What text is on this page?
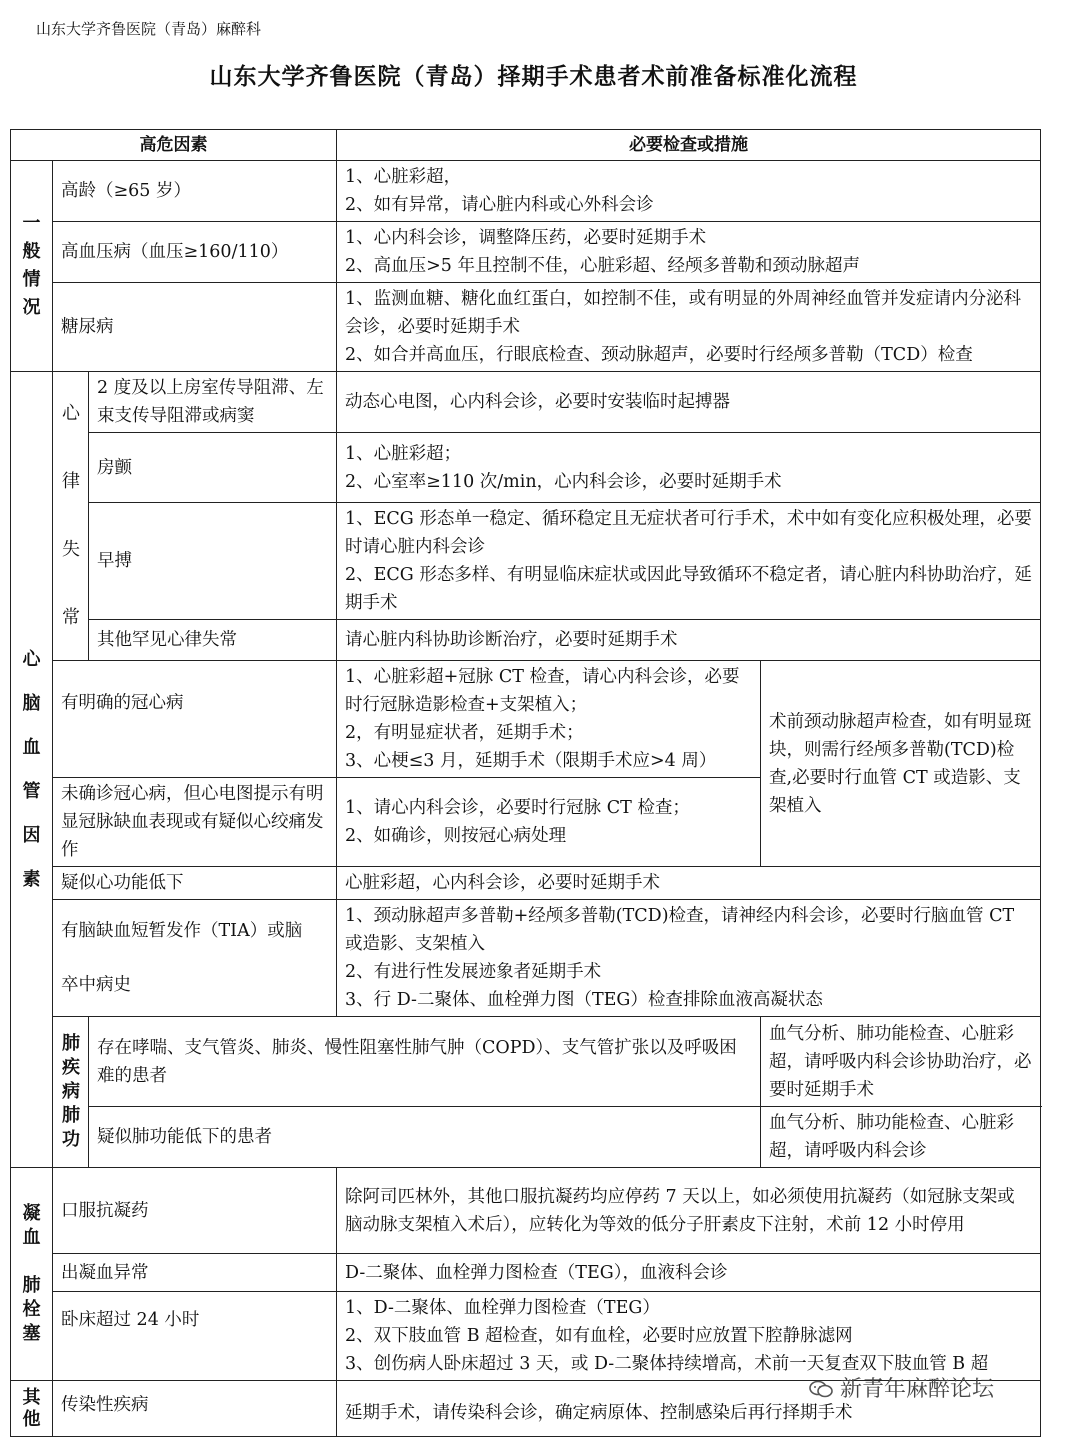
山东大学齐鲁医院（青岛）麻醉科
山东大学齐鲁医院（青岛）择期手术患者术前准备标准化流程
高危因素			必要检查或措施	
一般情况	高龄（≥65 岁）		1、心脏彩超，
2、如有异常，请心脏内科或心外科会诊	

	高血压病（血压≥160/110）		1、心内科会诊，调整降压药，必要时延期手术
2、高血压>5 年且控制不佳，心脏彩超、经颅多普勒和颈动脉超声	

	糖尿病		1、监测血糖、糖化血红蛋白，如控制不佳，或有明显的外周神经血管并发症请内分泌科会诊，必要时延期手术
2、如合并高血压，行眼底检查、颈动脉超声，必要时行经颅多普勒（TCD）检查	

心脑血管因素	心律失常	2 度及以上房室传导阻滞、左束支传导阻滞或病窦	动态心电图，心内科会诊，必要时安装临时起搏器	
		房颤	1、心脏彩超；
2、心室率≥110 次/min，心内科会诊，必要时延期手术	

		早搏	1、ECG 形态单一稳定、循环稳定且无症状者可行手术，术中如有变化应积极处理，必要时请心脏内科会诊
2、ECG 形态多样、有明显临床症状或因此导致循环不稳定者，请心脏内科协助治疗，延期手术	

		其他罕见心律失常	请心脏内科协助诊断治疗，必要时延期手术	
	有明确的冠心病		1、心脏彩超+冠脉 CT 检查，请心内科会诊，必要时行冠脉造影检查+支架植入；
2，有明显症状者，延期手术；
3、心梗≤3 月，延期手术（限期手术应>4 周）	术前颈动脉超声检查，如有明显斑块，则需行经颅多普勒(TCD)检查,必要时行血管 CT 或造影、支架植入
	未确诊冠心病，但心电图提示有明显冠脉缺血表现或有疑似心绞痛发作		1、请心内科会诊，必要时行冠脉 CT 检查；
2、如确诊，则按冠心病处理	

	疑似心功能低下		心脏彩超，心内科会诊，必要时延期手术	

	有脑缺血短暂发作（TIA）或脑
卒中病史		1、颈动脉超声多普勒+经颅多普勒(TCD)检查，请神经内科会诊，必要时行脑血管 CT 或造影、支架植入
2、有进行性发展迹象者延期手术
3、行 D-二聚体、血栓弹力图（TEG）检查排除血液高凝状态	

	肺疾病肺功	存在哮喘、支气管炎、肺炎、慢性阻塞性肺气肿（COPD）、支气管扩张以及呼吸困难的患者		血气分析、肺功能检查、心脏彩超，请呼吸内科会诊协助治疗，必要时延期手术
		疑似肺功能低下的患者		血气分析、肺功能检查、心脏彩超，请呼吸内科会诊
凝血

肺栓塞	口服抗凝药		除阿司匹林外，其他口服抗凝药均应停药 7 天以上，如必须使用抗凝药（如冠脉支架或脑动脉支架植入术后），应转化为等效的低分子肝素皮下注射，术前 12 小时停用	
	出凝血异常		D-二聚体、血栓弹力图检查（TEG），血液科会诊	
	卧床超过 24 小时		1、D-二聚体、血栓弹力图检查（TEG）
2、双下肢血管 B 超检查，如有血栓，必要时应放置下腔静脉滤网
3、创伤病人卧床超过 3 天，或 D-二聚体持续增高，术前一天复查双下肢血管 B 超	

其他	传染性疾病		延期手术，请传染科会诊，确定病原体、控制感染后再行择期手术	
新青年麻醉论坛
